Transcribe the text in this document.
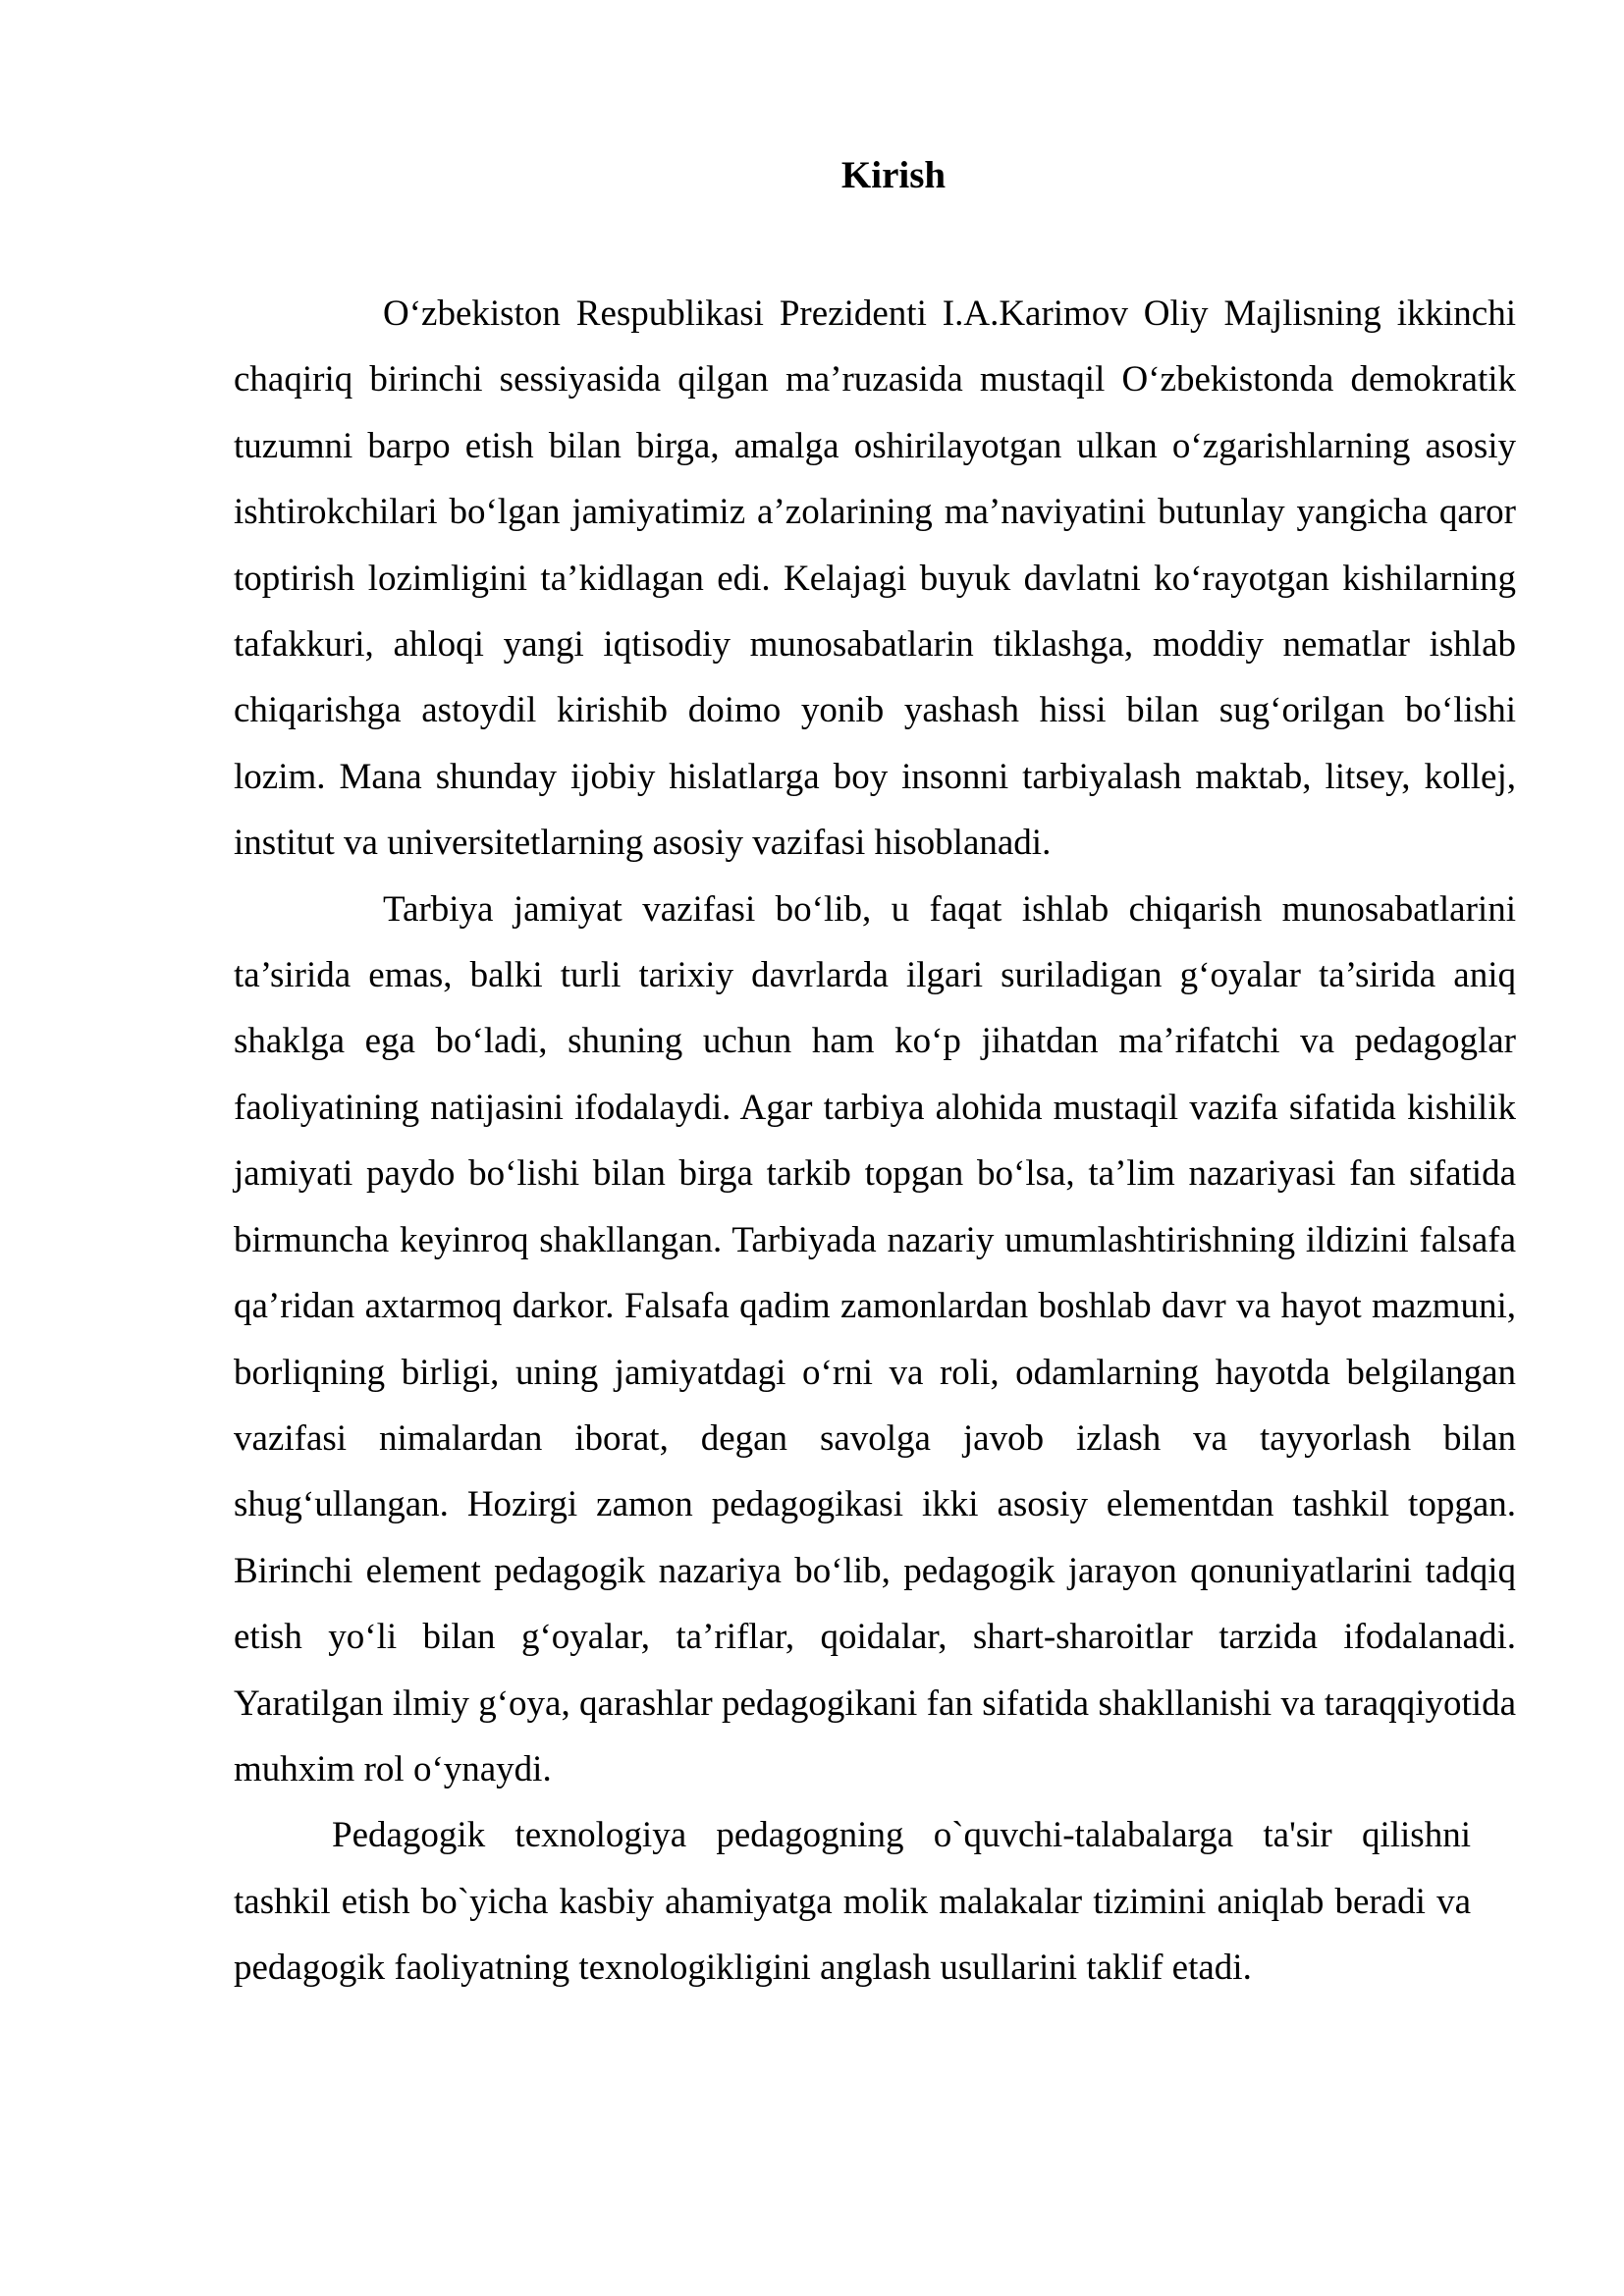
Kirish

O‘zbekiston Respublikasi Prezidenti I.A.Karimov Oliy Majlisning ikkinchi chaqiriq birinchi sessiyasida qilgan ma’ruzasida mustaqil O‘zbekistonda demokratik tuzumni barpo etish bilan birga, amalga oshirilayotgan ulkan o‘zgarishlarning asosiy ishtirokchilari bo‘lgan jamiyatimiz a’zolarining ma’naviyatini butunlay yangicha qaror toptirish lozimligini ta’kidlagan edi. Kelajagi buyuk davlatni ko‘rayotgan kishilarning tafakkuri, ahloqi yangi iqtisodiy munosabatlarin tiklashga, moddiy nematlar ishlab chiqarishga astoydil kirishib doimo yonib yashash hissi bilan sug‘orilgan bo‘lishi lozim. Mana shunday ijobiy hislatlarga boy insonni tarbiyalash maktab, litsey, kollej, institut va universitetlarning asosiy vazifasi hisoblanadi.

Tarbiya jamiyat vazifasi bo‘lib, u faqat ishlab chiqarish munosabatlarini ta’sirida emas, balki turli tarixiy davrlarda ilgari suriladigan g‘oyalar ta’sirida aniq shaklga ega bo‘ladi, shuning uchun ham ko‘p jihatdan ma’rifatchi va pedagoglar faoliyatining natijasini ifodalaydi. Agar tarbiya alohida mustaqil vazifa sifatida kishilik jamiyati paydo bo‘lishi bilan birga tarkib topgan bo‘lsa, ta’lim nazariyasi fan sifatida birmuncha keyinroq shakllangan. Tarbiyada nazariy umumlashtirishning ildizini falsafa qa’ridan axtarmoq darkor. Falsafa qadim zamonlardan boshlab davr va hayot mazmuni, borliqning birligi, uning jamiyatdagi o‘rni va roli, odamlarning hayotda belgilangan vazifasi nimalardan iborat, degan savolga javob izlash va tayyorlash bilan shug‘ullangan. Hozirgi zamon pedagogikasi ikki asosiy elementdan tashkil topgan. Birinchi element pedagogik nazariya bo‘lib, pedagogik jarayon qonuniyatlarini tadqiq etish yo‘li bilan g‘oyalar, ta’riflar, qoidalar, shart-sharoitlar tarzida ifodalanadi. Yaratilgan ilmiy g‘oya, qarashlar pedagogikani fan sifatida shakllanishi va taraqqiyotida muhxim rol o‘ynaydi.

Pedagogik texnologiya pedagogning o`quvchi-talabalarga ta'sir qilishni tashkil etish bo`yicha kasbiy ahamiyatga molik malakalar tizimini aniqlab beradi va pedagogik faoliyatning texnologikligini anglash usullarini taklif etadi.
